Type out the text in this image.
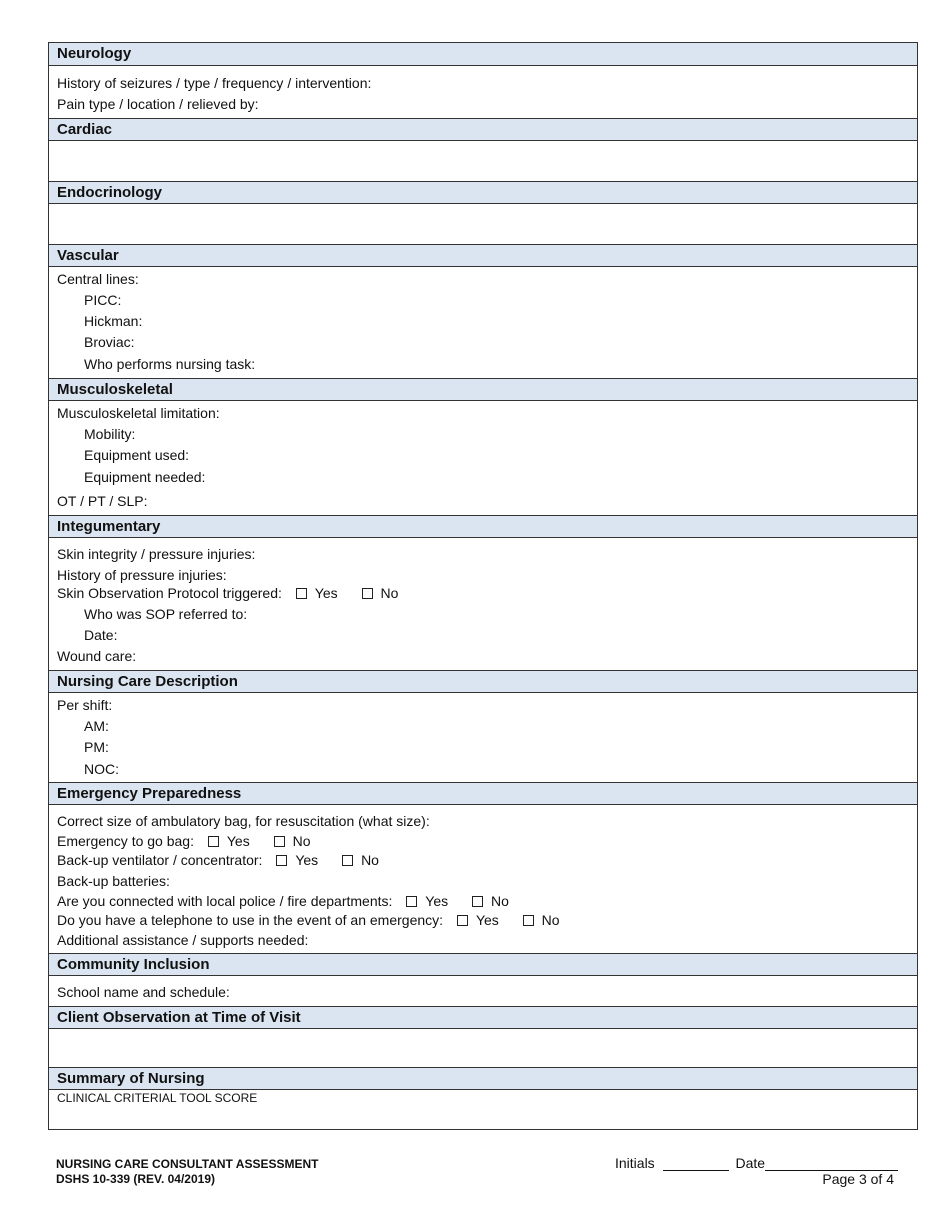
Neurology
History of seizures / type / frequency / intervention:
Pain type / location / relieved by:
Cardiac
Endocrinology
Vascular
Central lines:
PICC:
Hickman:
Broviac:
Who performs nursing task:
Musculoskeletal
Musculoskeletal limitation:
Mobility:
Equipment used:
Equipment needed:
OT / PT / SLP:
Integumentary
Skin integrity / pressure injuries:
History of pressure injuries:
Skin Observation Protocol triggered: Yes	No
Who was SOP referred to:
Date:
Wound care:
Nursing Care Description
Per shift:
AM:
PM:
NOC:
Emergency Preparedness
Correct size of ambulatory bag, for resuscitation (what size):
Emergency to go bag: Yes	No
Back-up ventilator / concentrator: Yes	No
Back-up batteries:
Are you connected with local police / fire departments: Yes	No
Do you have a telephone to use in the event of an emergency: Yes	No
Additional assistance / supports needed:
Community Inclusion
School name and schedule:
Client Observation at Time of Visit
Summary of Nursing
CLINICAL CRITERIAL TOOL SCORE
NURSING CARE CONSULTANT ASSESSMENT
DSHS 10-339 (REV. 04/2019)
Initials	Date
Page 3 of 4
